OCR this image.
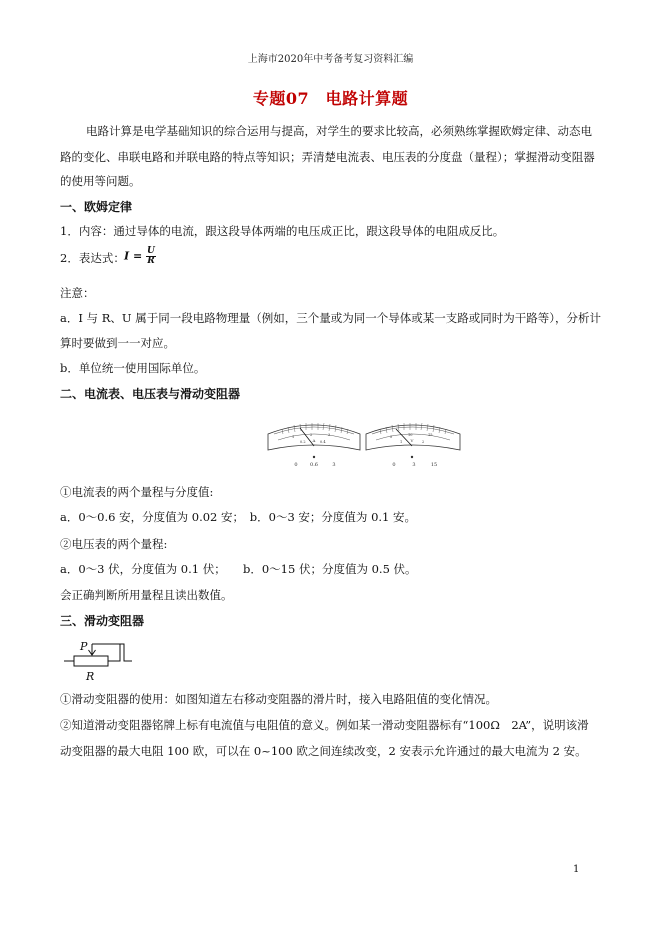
上海市2020年中考备考复习资料汇编
专题07　电路计算题
电路计算是电学基础知识的综合运用与提高，对学生的要求比较高，必须熟练掌握欧姆定律、动态电
路的变化、串联电路和并联电路的特点等知识；弄清楚电流表、电压表的分度盘（量程）；掌握滑动变阻器
的使用等问题。
一、欧姆定律
1．内容：通过导体的电流，跟这段导体两端的电压成正比，跟这段导体的电阻成反比。
2．表达式： $I = \frac{U}{R}$
注意：
a．I 与 R、U 属于同一段电路物理量（例如，三个量或为同一个导体或某一支路或同时为干路等），分析计
算时要做到一一对应。
b．单位统一使用国际单位。
二、电流表、电压表与滑动变阻器
A
1	2	3
0.2	0.4
0 0.6	3
V
5	10	15
1	2
0	3	15
①电流表的两个量程与分度值:
a．0～0.6 安，分度值为 0.02 安；　b．0～3 安；分度值为 0.1 安。
②电压表的两个量程:
a．0～3 伏，分度值为 0.1 伏；　　b．0～15 伏；分度值为 0.5 伏。
会正确判断所用量程且读出数值。
三、滑动变阻器
P
R
①滑动变阻器的使用：如图知道左右移动变阻器的滑片时，接入电路阻值的变化情况。
②知道滑动变阻器铭牌上标有电流值与电阻值的意义。例如某一滑动变阻器标有“100Ω　2A”，说明该滑
动变阻器的最大电阻 100 欧，可以在 0~100 欧之间连续改变，2 安表示允许通过的最大电流为 2 安。
1
